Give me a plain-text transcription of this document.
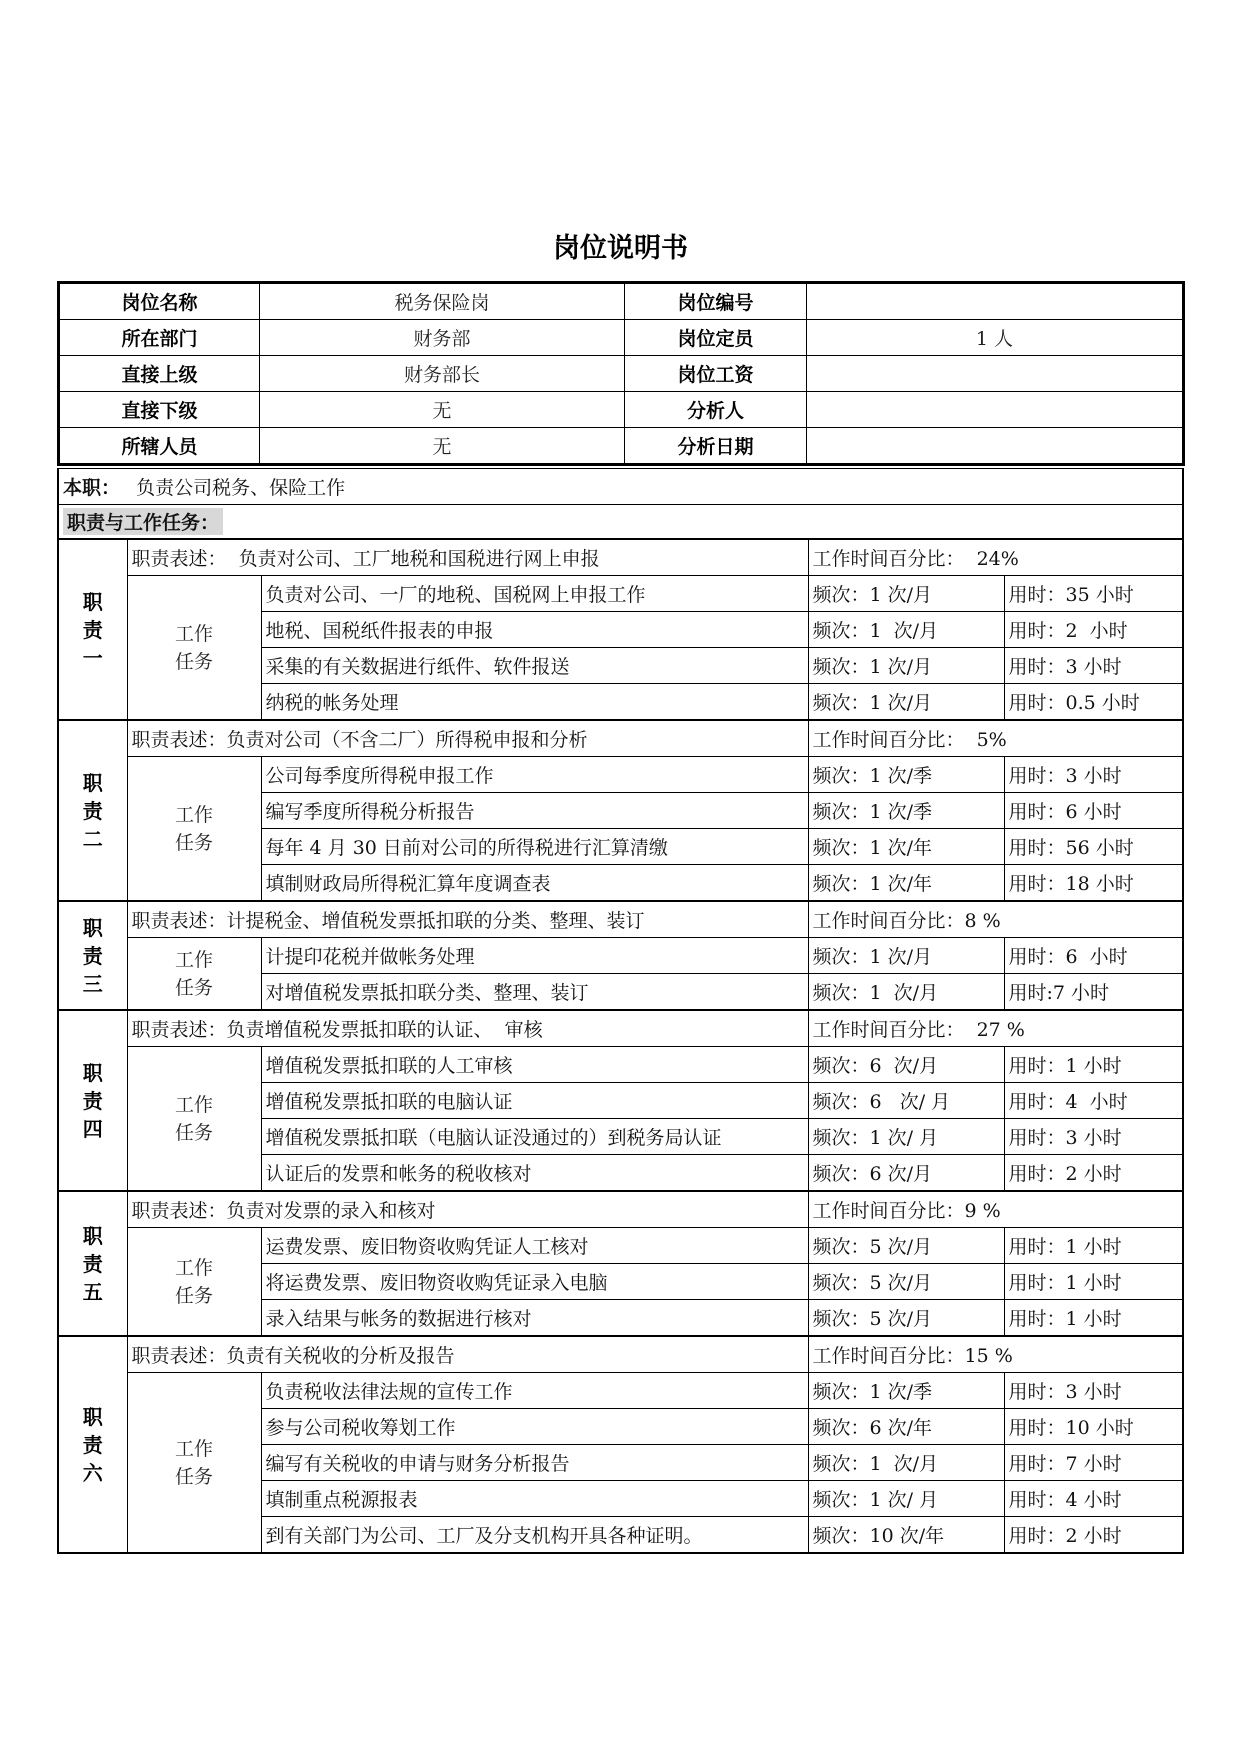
岗位说明书
岗位名称	税务保险岗	岗位编号	
所在部门	财务部	岗位定员	1 人
直接上级	财务部长	岗位工资	
直接下级	无	分析人	
所辖人员	无	分析日期	
本职： 负责公司税务、保险工作				
职责与工作任务：				

职
责
一	职责表述：  负责对公司、工厂地税和国税进行网上申报		工作时间百分比：  24%	

	工作
任务	负责对公司、一厂的地税、国税网上申报工作	频次：1 次/月	用时：35 小时
		地税、国税纸件报表的申报	频次：1  次/月	用时：2  小时
		采集的有关数据进行纸件、软件报送	频次：1 次/月	用时：3 小时
		纳税的帐务处理	频次：1 次/月	用时：0.5 小时

职
责
二	职责表述：负责对公司（不含二厂）所得税申报和分析		工作时间百分比：  5%	

	工作
任务	公司每季度所得税申报工作	频次：1 次/季	用时：3 小时
		编写季度所得税分析报告	频次：1 次/季	用时：6 小时
		每年 4 月 30 日前对公司的所得税进行汇算清缴	频次：1 次/年	用时：56 小时
		填制财政局所得税汇算年度调查表	频次：1 次/年	用时：18 小时

职
责
三	职责表述：计提税金、增值税发票抵扣联的分类、整理、装订		工作时间百分比：8 %	

	工作
任务	计提印花税并做帐务处理	频次：1 次/月	用时：6  小时
		对增值税发票抵扣联分类、整理、装订	频次：1  次/月	用时:7 小时

职
责
四	职责表述：负责增值税发票抵扣联的认证、  审核		工作时间百分比：  27 %	

	工作
任务	增值税发票抵扣联的人工审核	频次：6  次/月	用时：1 小时
		增值税发票抵扣联的电脑认证	频次：6   次/ 月	用时：4  小时
		增值税发票抵扣联（电脑认证没通过的）到税务局认证	频次：1 次/ 月	用时：3 小时
		认证后的发票和帐务的税收核对	频次：6 次/月	用时：2 小时

职
责
五	职责表述：负责对发票的录入和核对		工作时间百分比：9 %	

	工作
任务	运费发票、废旧物资收购凭证人工核对	频次：5 次/月	用时：1 小时
		将运费发票、废旧物资收购凭证录入电脑	频次：5 次/月	用时：1 小时
		录入结果与帐务的数据进行核对	频次：5 次/月	用时：1 小时

职
责
六	职责表述：负责有关税收的分析及报告		工作时间百分比：15 %	

	工作
任务	负责税收法律法规的宣传工作	频次：1 次/季	用时：3 小时
		参与公司税收筹划工作	频次：6 次/年	用时：10 小时
		编写有关税收的申请与财务分析报告	频次：1  次/月	用时：7 小时
		填制重点税源报表	频次：1 次/ 月	用时：4 小时
		到有关部门为公司、工厂及分支机构开具各种证明。	频次：10 次/年	用时：2 小时
